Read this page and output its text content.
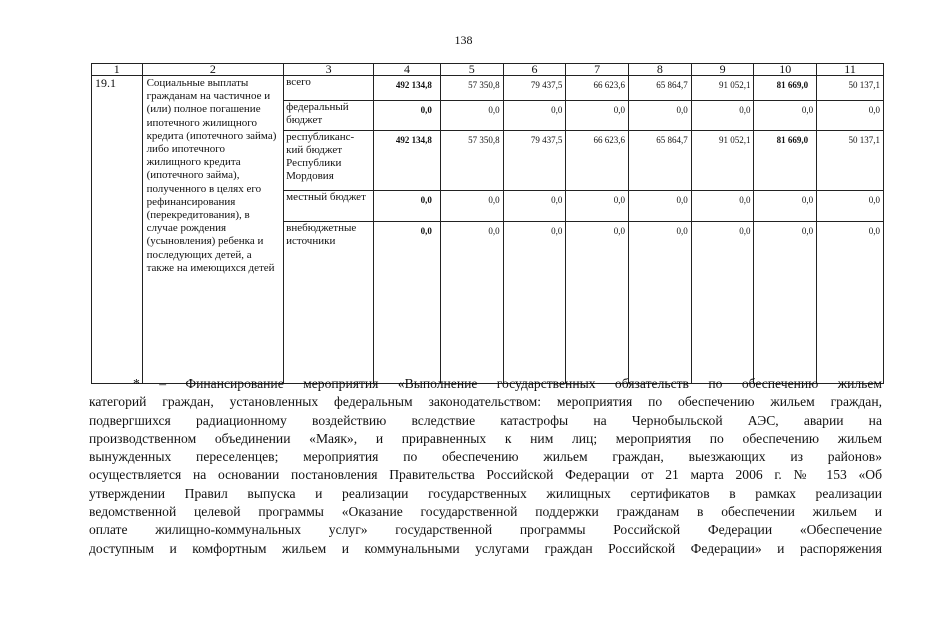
138
1	2	3	4	5	6	7	8	9	10	11
19.1	Социальные выплаты гражданам на частичное и (или) полное погашение ипотечного жилищного кредита (ипотечного займа) либо ипотечного жилищного кредита (ипотечного займа), полученного в целях его рефинансирования (перекредитования), в случае рождения (усыновления) ребенка и последующих детей, а также на имеющихся детей	всего	492 134,8	57 350,8	79 437,5	66 623,6	65 864,7	91 052,1	81 669,0	50 137,1
		федеральный бюджет	0,0	0,0	0,0	0,0	0,0	0,0	0,0	0,0
		республиканс-кий бюджет Республики Мордовия	492 134,8	57 350,8	79 437,5	66 623,6	65 864,7	91 052,1	81 669,0	50 137,1
		местный бюджет	0,0	0,0	0,0	0,0	0,0	0,0	0,0	0,0
		внебюджетные источники	0,0	0,0	0,0	0,0	0,0	0,0	0,0	0,0

* – Финансирование мероприятия «Выполнение государственных обязательств по обеспечению жильем

категорий граждан, установленных федеральным законодательством: мероприятия по обеспечению жильем граждан,

подвергшихся радиационному воздействию вследствие катастрофы на Чернобыльской АЭС, аварии на

производственном объединении «Маяк», и приравненных к ним лиц; мероприятия по обеспечению жильем

вынужденных переселенцев; мероприятия по обеспечению жильем граждан, выезжающих из районов»

осуществляется на основании постановления Правительства Российской Федерации от 21 марта 2006 г. № 153 «Об

утверждении Правил выпуска и реализации государственных жилищных сертификатов в рамках реализации

ведомственной целевой программы «Оказание государственной поддержки гражданам в обеспечении жильем и

оплате жилищно-коммунальных услуг» государственной программы Российской Федерации «Обеспечение

доступным и комфортным жильем и коммунальными услугами граждан Российской Федерации» и распоряжения
